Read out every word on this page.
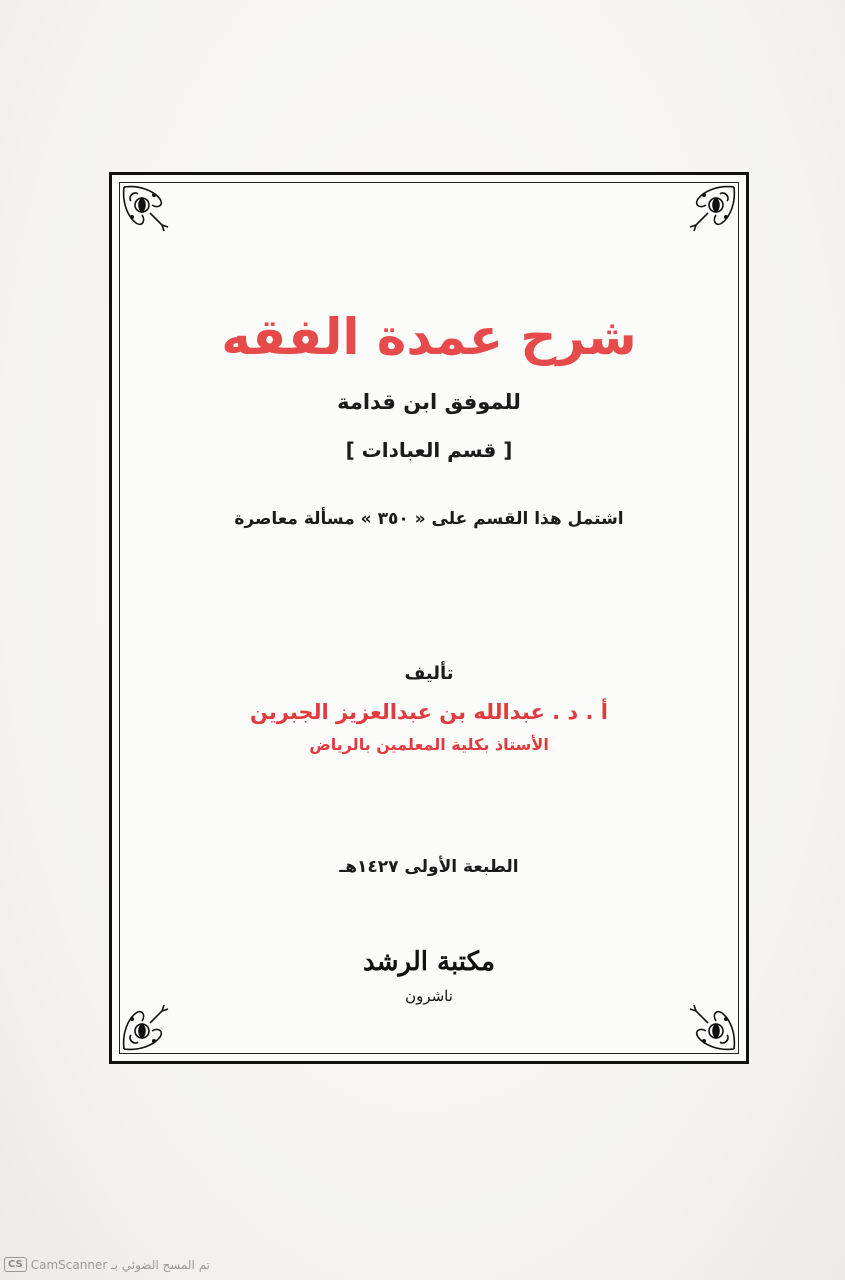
شرح عمدة الفقه
للموفق ابن قدامة
[ قسم العبادات ]
اشتمل هذا القسم على « ٣٥٠ » مسألة معاصرة
تأليف
أ . د . عبدالله بن عبدالعزيز الجبرين
الأستاذ بكلية المعلمين بالرياض
الطبعة الأولى ١٤٢٧هـ
مكتبة الرشد
ناشرون
CS تم المسح الضوئي بـ CamScanner
